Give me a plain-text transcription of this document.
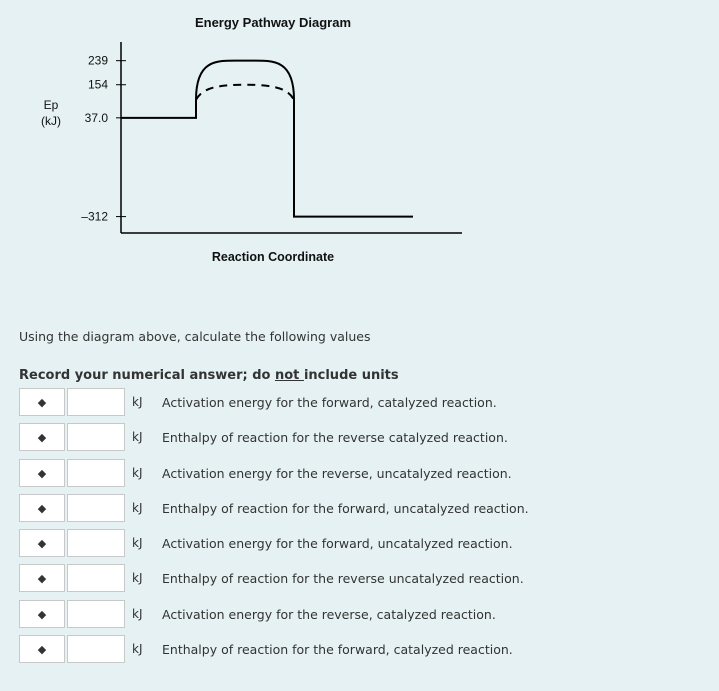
Energy Pathway Diagram
Ep
(kJ)
Reaction Coordinate
239
154
37.0
–312
Using the diagram above, calculate the following values
Record your numerical answer; do not include units
◆	kJ	Activation energy for the forward, catalyzed reaction.
◆	kJ	Enthalpy of reaction for the reverse catalyzed reaction.
◆	kJ	Activation energy for the reverse, uncatalyzed reaction.
◆	kJ	Enthalpy of reaction for the forward, uncatalyzed reaction.
◆	kJ	Activation energy for the forward, uncatalyzed reaction.
◆	kJ	Enthalpy of reaction for the reverse uncatalyzed reaction.
◆	kJ	Activation energy for the reverse, catalyzed reaction.
◆	kJ	Enthalpy of reaction for the forward, catalyzed reaction.
